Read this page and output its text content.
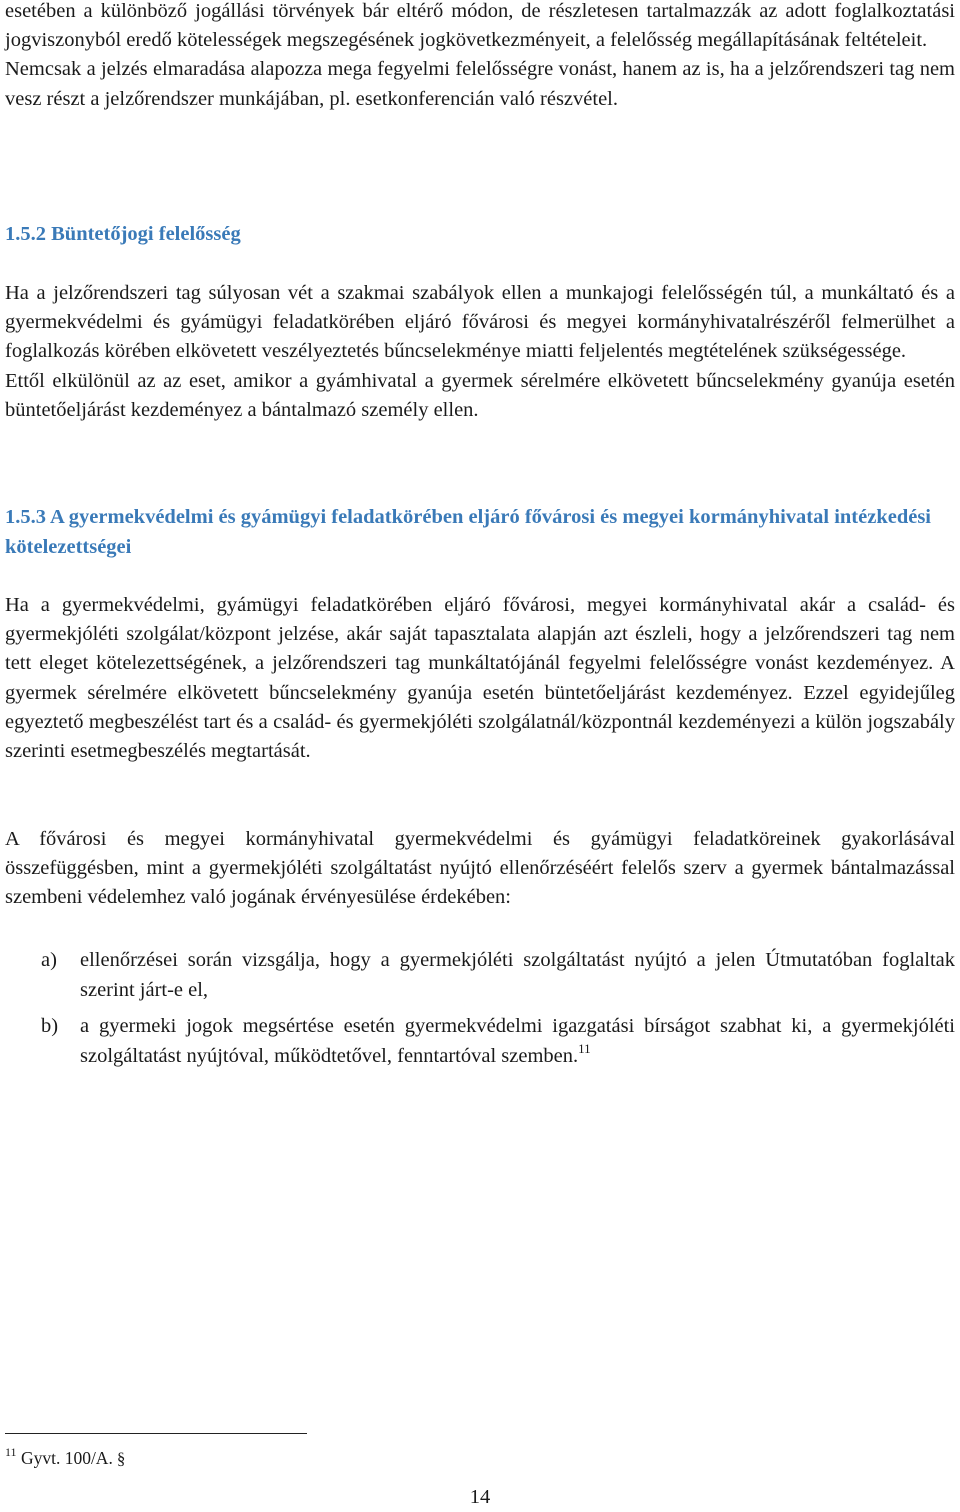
esetében a különböző jogállási törvények bár eltérő módon, de részletesen tartalmazzák az adott foglalkoztatási jogviszonyból eredő kötelességek megszegésének jogkövetkezményeit, a felelősség megállapításának feltételeit.

Nemcsak a jelzés elmaradása alapozza mega fegyelmi felelősségre vonást, hanem az is, ha a jelzőrendszeri tag nem vesz részt a jelzőrendszer munkájában, pl. esetkonferencián való részvétel.

1.5.2 Büntetőjogi felelősség

Ha a jelzőrendszeri tag súlyosan vét a szakmai szabályok ellen a munkajogi felelősségén túl, a munkáltató és a gyermekvédelmi és gyámügyi feladatkörében eljáró fővárosi és megyei kormányhivatalrészéről felmerülhet a foglalkozás körében elkövetett veszélyeztetés bűncselekménye miatti feljelentés megtételének szükségessége.

Ettől elkülönül az az eset, amikor a gyámhivatal a gyermek sérelmére elkövetett bűncselekmény gyanúja esetén büntetőeljárást kezdeményez a bántalmazó személy ellen.

1.5.3 A gyermekvédelmi és gyámügyi feladatkörében eljáró fővárosi és megyei kormányhivatal intézkedési kötelezettségei

Ha a gyermekvédelmi, gyámügyi feladatkörében eljáró fővárosi, megyei kormányhivatal akár a család- és gyermekjóléti szolgálat/központ jelzése, akár saját tapasztalata alapján azt észleli, hogy a jelzőrendszeri tag nem tett eleget kötelezettségének, a jelzőrendszeri tag munkáltatójánál fegyelmi felelősségre vonást kezdeményez. A gyermek sérelmére elkövetett bűncselekmény gyanúja esetén büntetőeljárást kezdeményez. Ezzel egyidejűleg egyeztető megbeszélést tart és a család- és gyermekjóléti szolgálatnál/központnál kezdeményezi a külön jogszabály szerinti esetmegbeszélés megtartását.

A fővárosi és megyei kormányhivatal gyermekvédelmi és gyámügyi feladatköreinek gyakorlásával összefüggésben, mint a gyermekjóléti szolgáltatást nyújtó ellenőrzéséért felelős szerv a gyermek bántalmazással szembeni védelemhez való jogának érvényesülése érdekében:

a) ellenőrzései során vizsgálja, hogy a gyermekjóléti szolgáltatást nyújtó a jelen Útmutatóban foglaltak szerint járt-e el,
b) a gyermeki jogok megsértése esetén gyermekvédelmi igazgatási bírságot szabhat ki, a gyermekjóléti szolgáltatást nyújtóval, működtetővel, fenntartóval szemben.$^{11}$
$^{11}$ Gyvt. 100/A. §
14
